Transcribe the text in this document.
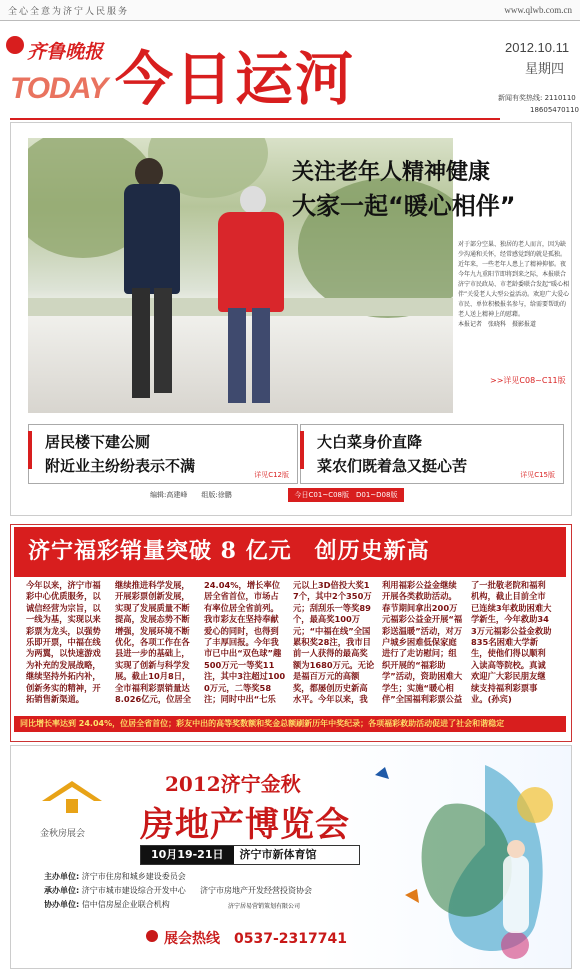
全心全意为济宁人民服务	www.qlwb.com.cn
齐鲁晚报
TODAY 今日运河	2012.10.11
星期四
新闻有奖热线: 2110110
18605470110
关注老年人精神健康
大家一起“暖心相伴”
对于部分空巢、独居的老人而言，因为缺少沟通和关怀，经常感觉到的就是孤独。近年来，一些老年人患上了精神抑郁。夜今年九九重阳节即将到来之际，本报联合济宁市民政局、市老龄委联合发起“暖心相伴”关爱老人大型公益活动。欢迎广大爱心市民、单位积极报名参与，给需要帮助的老人送上精神上的慰藉。
本报记者　张晓科　摄影报道
>>详见C08~C11版
居民楼下建公厕
附近业主纷纷表示不满	详见C12版
大白菜身价直降
菜农们既着急又挺心苦	详见C15版
编辑:高建峰　　组版:徐鹏	今日C01~C08版　D01~D08版
济宁福彩销量突破 8 亿元　创历史新高
今年以来，济宁市福彩中心优质服务，以诚信经营为宗旨，以一线为基，实现以来彩票为龙头，以强势乐即开票，中福在线为两翼，以快速游戏为补充的发展战略，继续坚持外拓内补，创新务实的精神，开拓销售新渠道。
继续推进科学发展，开展彩票创新发展，实现了发展质量不断提高，发展态势不断增强，发展环境不断优化，各项工作在各县进一步的基础上，实现了创新与科学发展。截止10月8日，全市福利彩票销量达8.026亿元，位居全
24.04%，增长率位居全省首位，市场占有率位居全省前列。我市彩友在坚持奉献爱心的同时，也得到了丰厚回报。今年我市已中出“双色球”趣500万元一等奖11注，其中3注超过1000万元，二等奖58注；同时中出“七乐
元以上3D倍投大奖17个，其中2个350万元；刮刮乐一等奖89个，最高奖100万元；“中福在线”全国累积奖28注，我市目前一人获得的最高奖额为1680万元。无论是福百万元的高额奖，都屡创历史新高水平。今年以来，我
利用福彩公益金继续开展各类救助活动。春节期间拿出200万元福彩公益金开展“福彩送温暖”活动，对万户城乡困难低保家庭进行了走访慰问；组织开展的“福彩助学”活动，资助困难大学生；实施“暖心相伴”全国福利彩票公益
了一批敬老院和福利机构，截止目前全市已连续3年救助困难大学新生，今年救助343万元福彩公益金救助835名困难大学新生，使他们得以顺利入读高等院校。真诚欢迎广大彩民朋友继续支持福利彩票事业。(孙宾)
同比增长率达到 24.04%，位居全省首位；彩友中出的高等奖数额和奖金总额刷新历年中奖纪录；各项福彩救助活动促进了社会和谐稳定
金秋房展会
2012济宁金秋
房地产博览会
10月19-21日 济宁市新体育馆
主办单位: 济宁市住房和城乡建设委员会
承办单位: 济宁市城市建设综合开发中心 济宁市房地产开发经营投资协会
协办单位: 信中信房屋企业联合机构	济宁居易营销策划有限公司
展会热线　0537-2317741
